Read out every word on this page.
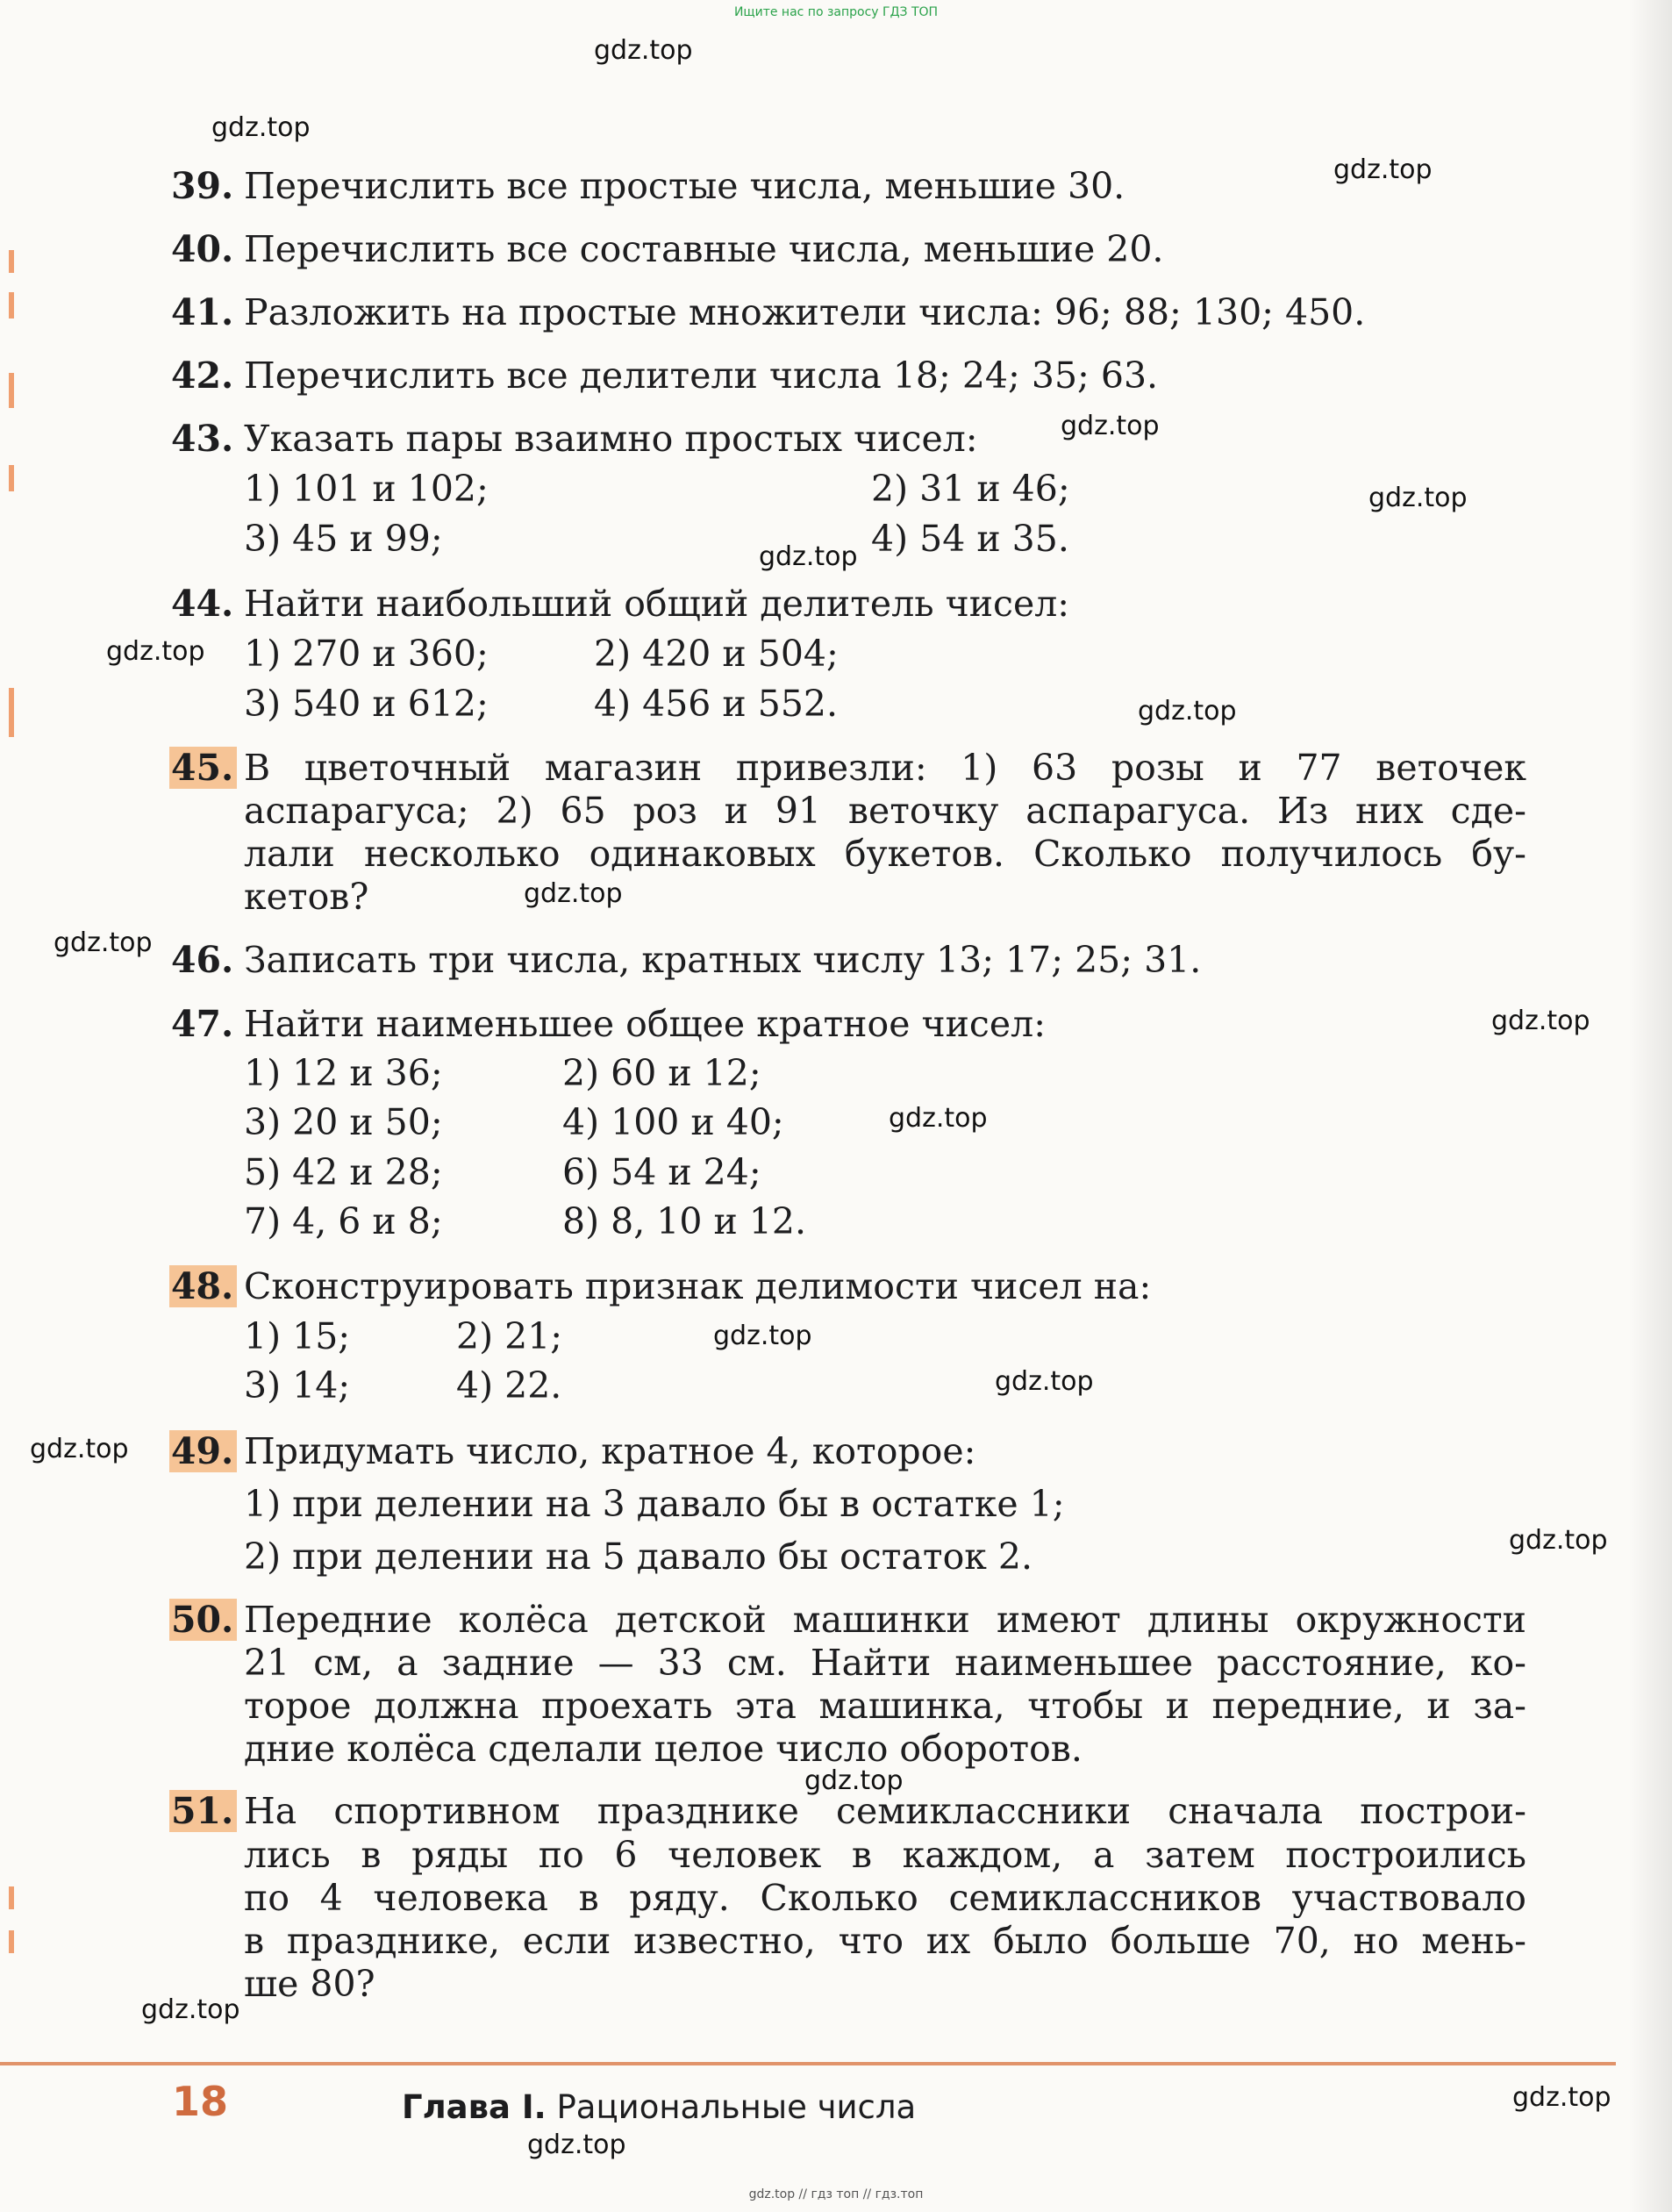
Ищите нас по запросу ГДЗ ТОП
39. Перечислить все простые числа, меньшие 30.
40. Перечислить все составные числа, меньшие 20.
41. Разложить на простые множители числа: 96; 88; 130; 450.
42. Перечислить все делители числа 18; 24; 35; 63.
43. Указать пары взаимно простых чисел:
1) 101 и 102;	2) 31 и 46;
3) 45 и 99;	4) 54 и 35.
44. Найти наибольший общий делитель чисел:
1) 270 и 360;	2) 420 и 504;
3) 540 и 612;	4) 456 и 552.
45. В цветочный магазин привезли: 1) 63 розы и 77 веточек
аспарагуса; 2) 65 роз и 91 веточку аспарагуса. Из них сде-
лали несколько одинаковых букетов. Сколько получилось бу-
кетов?
46. Записать три числа, кратных числу 13; 17; 25; 31.
47. Найти наименьшее общее кратное чисел:
1) 12 и 36;	2) 60 и 12;
3) 20 и 50;	4) 100 и 40;
5) 42 и 28;	6) 54 и 24;
7) 4, 6 и 8;	8) 8, 10 и 12.
48. Сконструировать признак делимости чисел на:
1) 15;	2) 21;
3) 14;	4) 22.
49. Придумать число, кратное 4, которое:
1) при делении на 3 давало бы в остатке 1;
2) при делении на 5 давало бы остаток 2.
50. Передние колёса детской машинки имеют длины окружности
21 см, а задние — 33 см. Найти наименьшее расстояние, ко-
торое должна проехать эта машинка, чтобы и передние, и за-
дние колёса сделали целое число оборотов.
51. На спортивном празднике семиклассники сначала построи-
лись в ряды по 6 человек в каждом, а затем построились
по 4 человека в ряду. Сколько семиклассников участвовало
в празднике, если известно, что их было больше 70, но мень-
ше 80?
gdz.top
gdz.top
gdz.top
gdz.top
gdz.top
gdz.top
gdz.top
gdz.top
gdz.top
gdz.top
gdz.top
gdz.top
gdz.top
gdz.top
gdz.top
gdz.top
gdz.top
gdz.top
gdz.top
gdz.top
18	Глава I. Рациональные числа
gdz.top // гдз топ // гдз.топ
